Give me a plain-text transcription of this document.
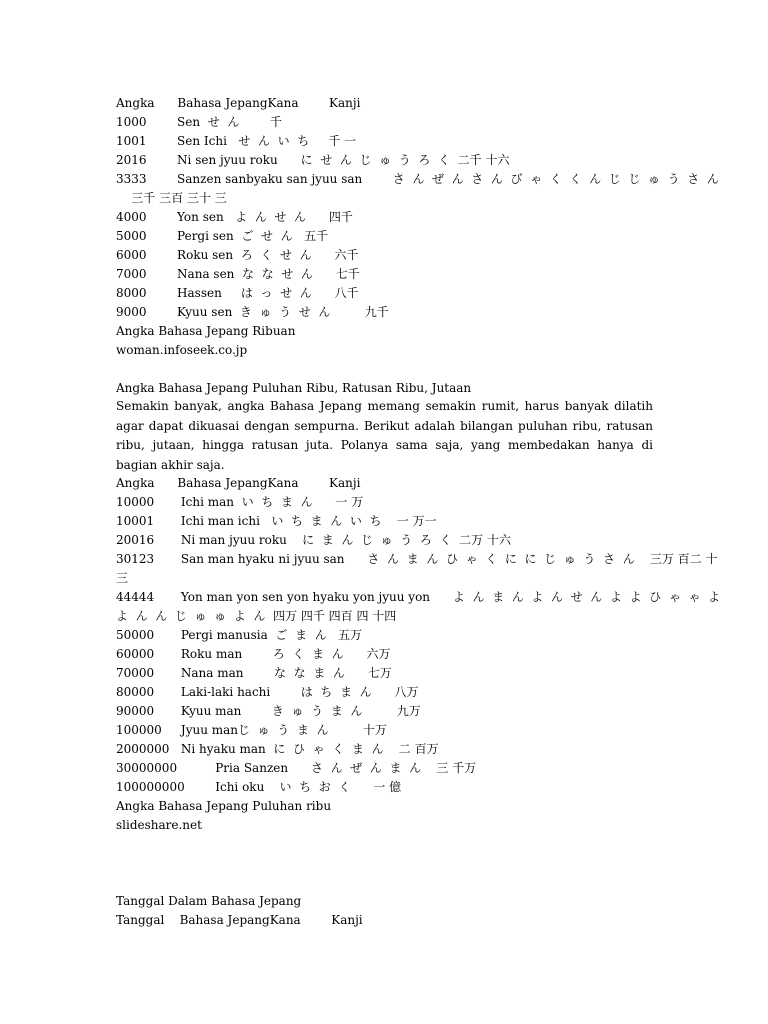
Angka      Bahasa JepangKana        Kanji
1000        Sen  せ  ん        千
1001        Sen Ichi   せ  ん  い  ち     千 一
2016        Ni sen jyuu roku      に  せ  ん  じ  ゅ  う  ろ  く  二千 十六
3333        Sanzen sanbyaku san jyuu san        さ  ん  ぜ  ん  さ  ん  び  ゃ  く  く  ん  じ  じ  ゅ  う  さ  ん
三千 三百 三十 三
4000        Yon sen   よ  ん  せ  ん      四千
5000        Pergi sen  ご  せ  ん   五千
6000        Roku sen  ろ  く  せ  ん      六千
7000        Nana sen  な  な  せ  ん      七千
8000        Hassen     は  っ  せ  ん      八千
9000        Kyuu sen  き  ゅ  う  せ  ん         九千
Angka Bahasa Jepang Ribuan
woman.infoseek.co.jp
Angka Bahasa Jepang Puluhan Ribu, Ratusan Ribu, Jutaan
Semakin banyak, angka Bahasa Jepang memang semakin rumit, harus banyak dilatih agar dapat dikuasai dengan sempurna. Berikut adalah bilangan puluhan ribu, ratusan ribu, jutaan, hingga ratusan juta. Polanya sama saja, yang membedakan hanya di bagian akhir saja.
Angka      Bahasa JepangKana        Kanji
10000       Ichi man  い  ち  ま  ん      一 万
10001       Ichi man ichi   い  ち  ま  ん  い  ち    一 万一
20016       Ni man jyuu roku    に  ま  ん  じ  ゅ  う  ろ  く  二万 十六
30123       San man hyaku ni jyuu san      さ  ん  ま  ん  ひ  ゃ  く  に  に  じ  ゅ  う  さ  ん    三万 百二 十
三
44444       Yon man yon sen yon hyaku yon jyuu yon      よ  ん  ま  ん  よ  ん  せ  ん  よ  よ  ひ  ゃ  ゃ  よ
よ  ん  ん  じ  ゅ  ゅ  よ  ん  四万 四千 四百 四 十四
50000       Pergi manusia  ご  ま  ん   五万
60000       Roku man        ろ  く  ま  ん      六万
70000       Nana man        な  な  ま  ん      七万
80000       Laki-laki hachi        は  ち  ま  ん      八万
90000       Kyuu man        き  ゅ  う  ま  ん         九万
100000     Jyuu manじ  ゅ  う  ま  ん         十万
2000000   Ni hyaku man  に  ひ  ゃ  く  ま  ん    二 百万
30000000          Pria Sanzen      さ  ん  ぜ  ん  ま  ん    三 千万
100000000        Ichi oku    い  ち  お  く      一 億
Angka Bahasa Jepang Puluhan ribu
slideshare.net
Tanggal Dalam Bahasa Jepang
Tanggal    Bahasa JepangKana        Kanji
